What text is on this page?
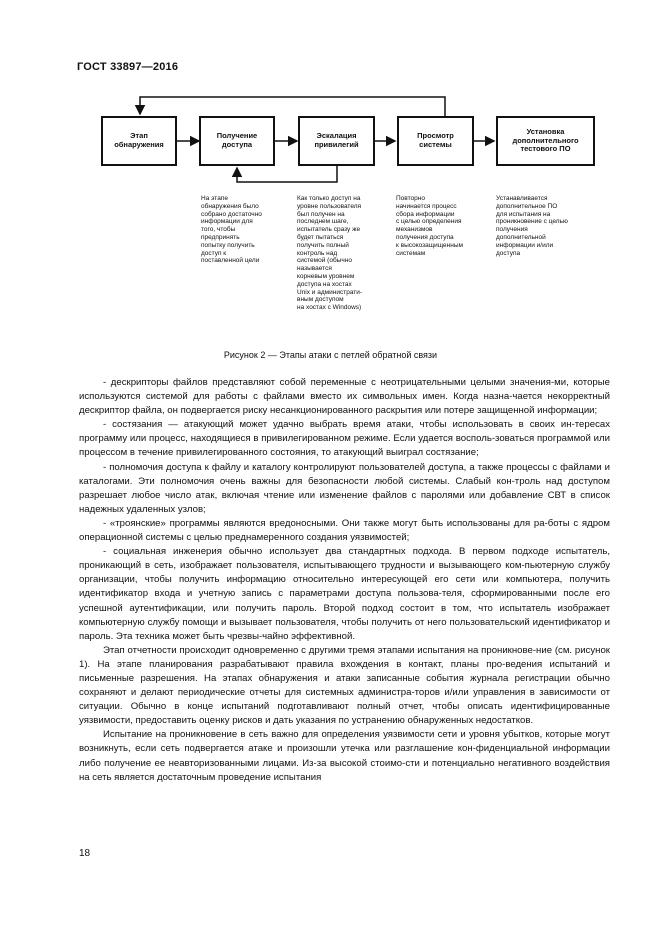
ГОСТ 33897—2016
Этап обнаружения
Получение доступа
Эскалация привилегий
Просмотр системы
Установка дополнительного тестового ПО
На этапе
обнаружения было
собрано достаточно
информации для
того, чтобы
предпринять
попытку получить
доступ к
поставленной цели
Как только доступ на
уровне пользователя
был получен на
последнем шаге,
испытатель сразу же
будет пытаться
получить полный
контроль над
системой (обычно
называется
корневым уровнем
доступа на хостах
Unix и администрати-
вным доступом
на хостах с Windows)
Повторно
начинается процесс
сбора информации
с целью определения
механизмов
получения доступа
к высокозащищенным
системам
Устанавливается
дополнительное ПО
для испытания на
проникновение с целью
получения
дополнительной
информации и/или
доступа
Рисунок 2 — Этапы атаки с петлей обратной связи

- дескрипторы файлов представляют собой переменные с неотрицательными целыми значения-ми, которые используются системой для работы с файлами вместо их символьных имен. Когда назна-чается некорректный дескриптор файла, он подвергается риску несанкционированного раскрытия или потере защищенной информации;

- состязания — атакующий может удачно выбрать время атаки, чтобы использовать в своих ин-тересах программу или процесс, находящиеся в привилегированном режиме. Если удается восполь-зоваться программой или процессом в течение привилегированного состояния, то атакующий выиграл состязание;

- полномочия доступа к файлу и каталогу контролируют пользователей доступа, а также процессы с файлами и каталогами. Эти полномочия очень важны для безопасности любой системы. Слабый кон-троль над доступом разрешает любое число атак, включая чтение или изменение файлов с паролями или добавление СВТ в список надежных удаленных узлов;

- «троянские» программы являются вредоносными. Они также могут быть использованы для ра-боты с ядром операционной системы с целью преднамеренного создания уязвимостей;

- социальная инженерия обычно использует два стандартных подхода. В первом подходе испытатель, проникающий в сеть, изображает пользователя, испытывающего трудности и вызывающего ком-пьютерную службу организации, чтобы получить информацию относительно интересующей его сети или компьютера, получить идентификатор входа и учетную запись с параметрами доступа пользова-теля, сформированными после его успешной аутентификации, или получить пароль. Второй подход состоит в том, что испытатель изображает компьютерную службу помощи и вызывает пользователя, чтобы получить от него пользовательский идентификатор и пароль. Эта техника может быть чрезвы-чайно эффективной.

Этап отчетности происходит одновременно с другими тремя этапами испытания на проникнове-ние (см. рисунок 1). На этапе планирования разрабатывают правила вхождения в контакт, планы про-ведения испытаний и письменные разрешения. На этапах обнаружения и атаки записанные события журнала регистрации обычно сохраняют и делают периодические отчеты для системных администра-торов и/или управления в зависимости от ситуации. Обычно в конце испытаний подготавливают полный отчет, чтобы описать идентифицированные уязвимости, предоставить оценку рисков и дать указания по устранению обнаруженных недостатков.

Испытание на проникновение в сеть важно для определения уязвимости сети и уровня убытков, которые могут возникнуть, если сеть подвергается атаке и произошли утечка или разглашение кон-фиденциальной информации либо получение ее неавторизованными лицами. Из-за высокой стоимо-сти и потенциально негативного воздействия на сеть является достаточным проведение испытания

18
